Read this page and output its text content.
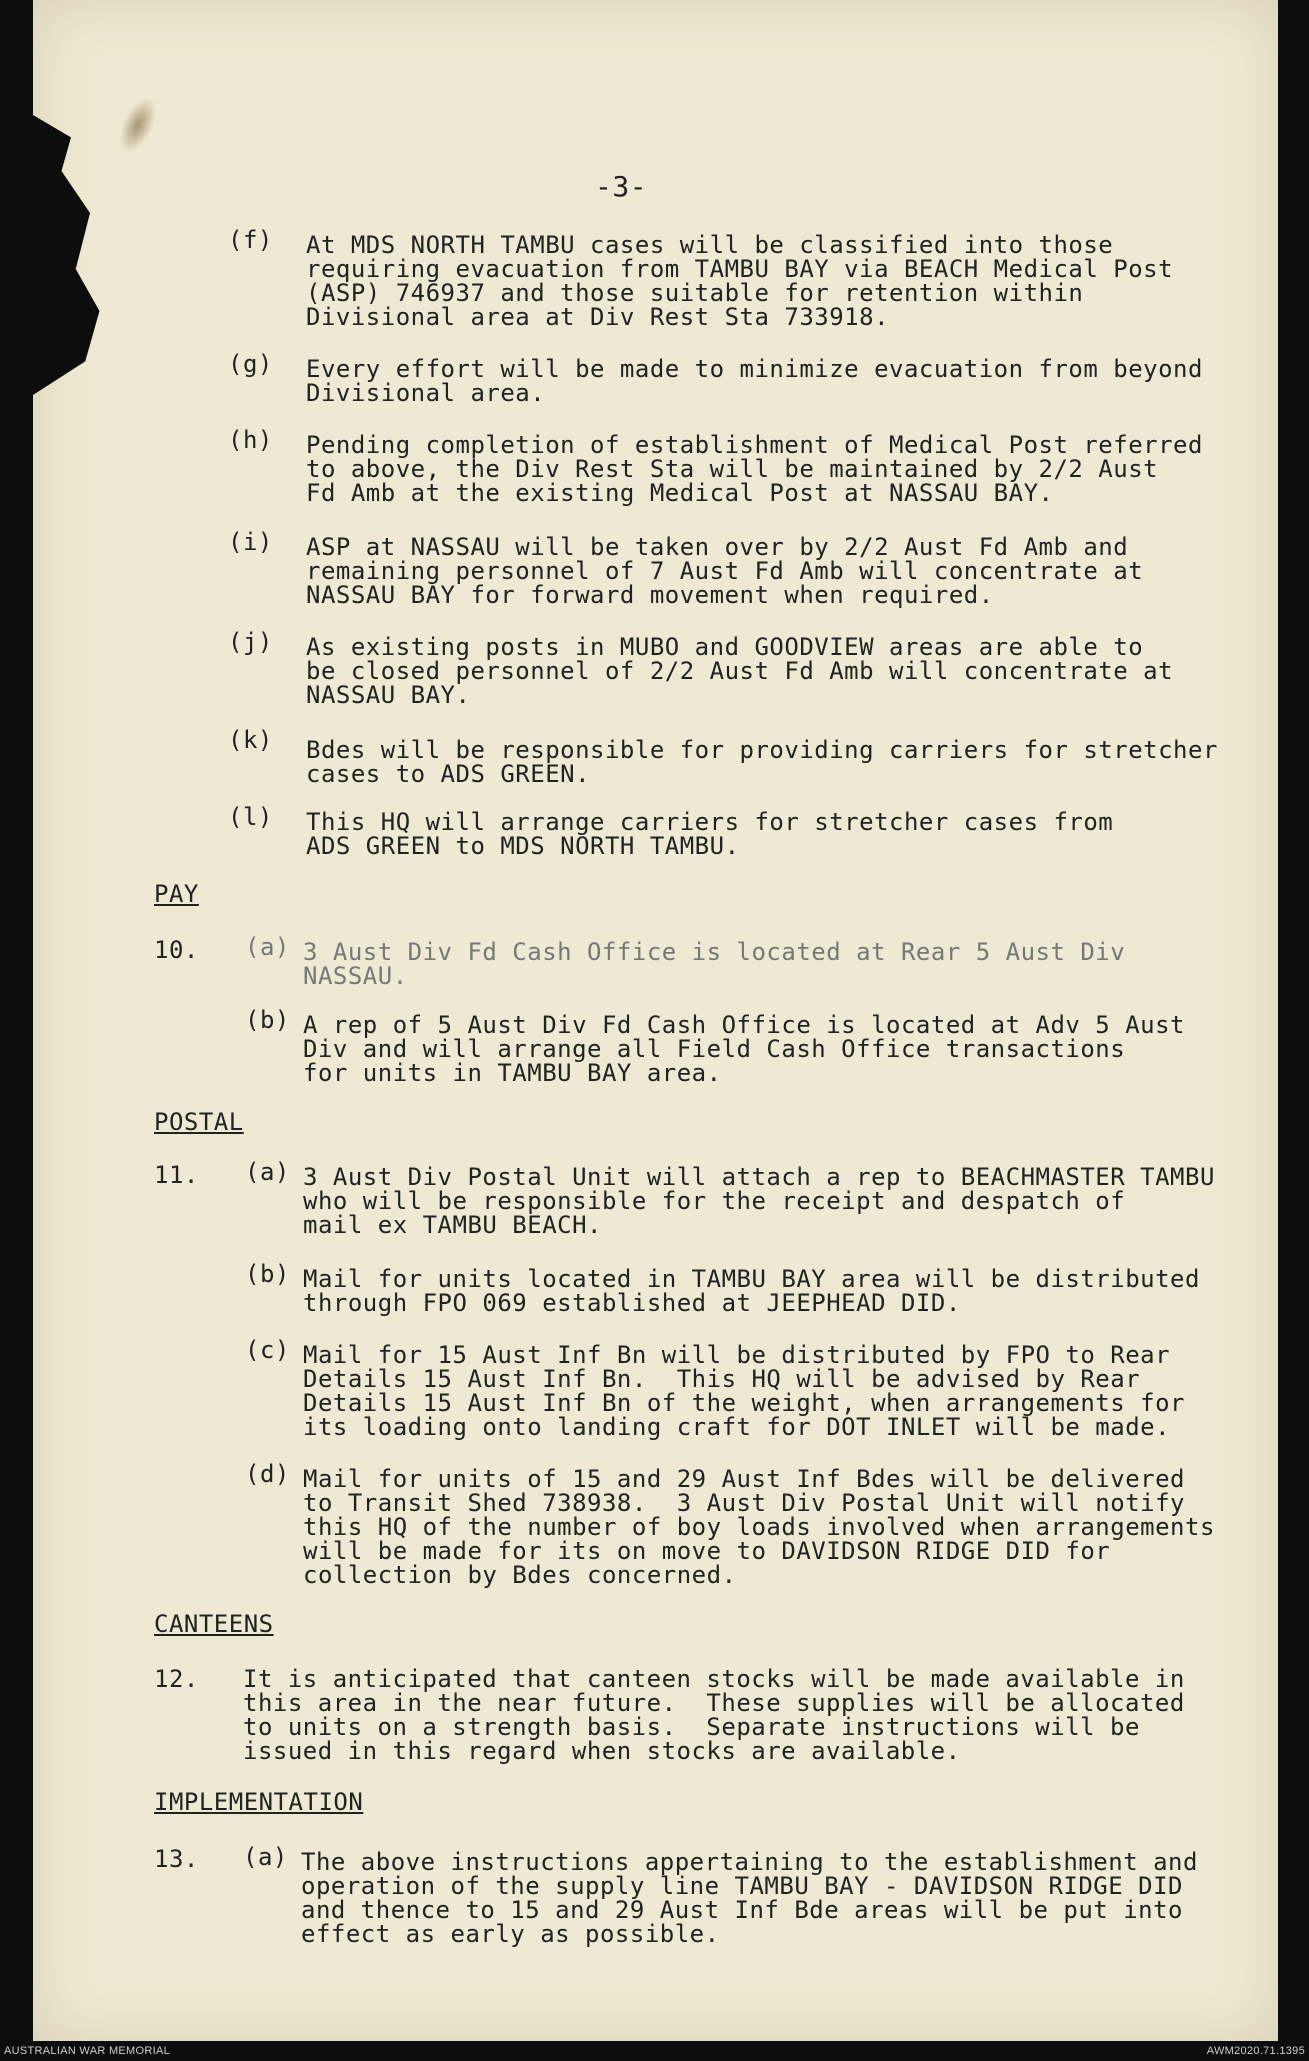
-3-
(f) At MDS NORTH TAMBU cases will be classified into those
requiring evacuation from TAMBU BAY via BEACH Medical Post
(ASP) 746937 and those suitable for retention within
Divisional area at Div Rest Sta 733918.
(g) Every effort will be made to minimize evacuation from beyond
Divisional area.
(h) Pending completion of establishment of Medical Post referred
to above, the Div Rest Sta will be maintained by 2/2 Aust
Fd Amb at the existing Medical Post at NASSAU BAY.
(i) ASP at NASSAU will be taken over by 2/2 Aust Fd Amb and
remaining personnel of 7 Aust Fd Amb will concentrate at
NASSAU BAY for forward movement when required.
(j) As existing posts in MUBO and GOODVIEW areas are able to
be closed personnel of 2/2 Aust Fd Amb will concentrate at
NASSAU BAY.
(k) Bdes will be responsible for providing carriers for stretcher
cases to ADS GREEN.
(l) This HQ will arrange carriers for stretcher cases from
ADS GREEN to MDS NORTH TAMBU.
PAY
10. (a) 3 Aust Div Fd Cash Office is located at Rear 5 Aust Div
NASSAU.
(b) A rep of 5 Aust Div Fd Cash Office is located at Adv 5 Aust
Div and will arrange all Field Cash Office transactions
for units in TAMBU BAY area.
POSTAL
11. (a) 3 Aust Div Postal Unit will attach a rep to BEACHMASTER TAMBU
who will be responsible for the receipt and despatch of
mail ex TAMBU BEACH.
(b) Mail for units located in TAMBU BAY area will be distributed
through FPO 069 established at JEEPHEAD DID.
(c) Mail for 15 Aust Inf Bn will be distributed by FPO to Rear
Details 15 Aust Inf Bn.  This HQ will be advised by Rear
Details 15 Aust Inf Bn of the weight, when arrangements for
its loading onto landing craft for DOT INLET will be made.
(d) Mail for units of 15 and 29 Aust Inf Bdes will be delivered
to Transit Shed 738938.  3 Aust Div Postal Unit will notify
this HQ of the number of boy loads involved when arrangements
will be made for its on move to DAVIDSON RIDGE DID for
collection by Bdes concerned.
CANTEENS
12. It is anticipated that canteen stocks will be made available in
this area in the near future.  These supplies will be allocated
to units on a strength basis.  Separate instructions will be
issued in this regard when stocks are available.
IMPLEMENTATION
13. (a) The above instructions appertaining to the establishment and
operation of the supply line TAMBU BAY - DAVIDSON RIDGE DID
and thence to 15 and 29 Aust Inf Bde areas will be put into
effect as early as possible.
AUSTRALIAN WAR MEMORIAL	AWM2020.71.1395
